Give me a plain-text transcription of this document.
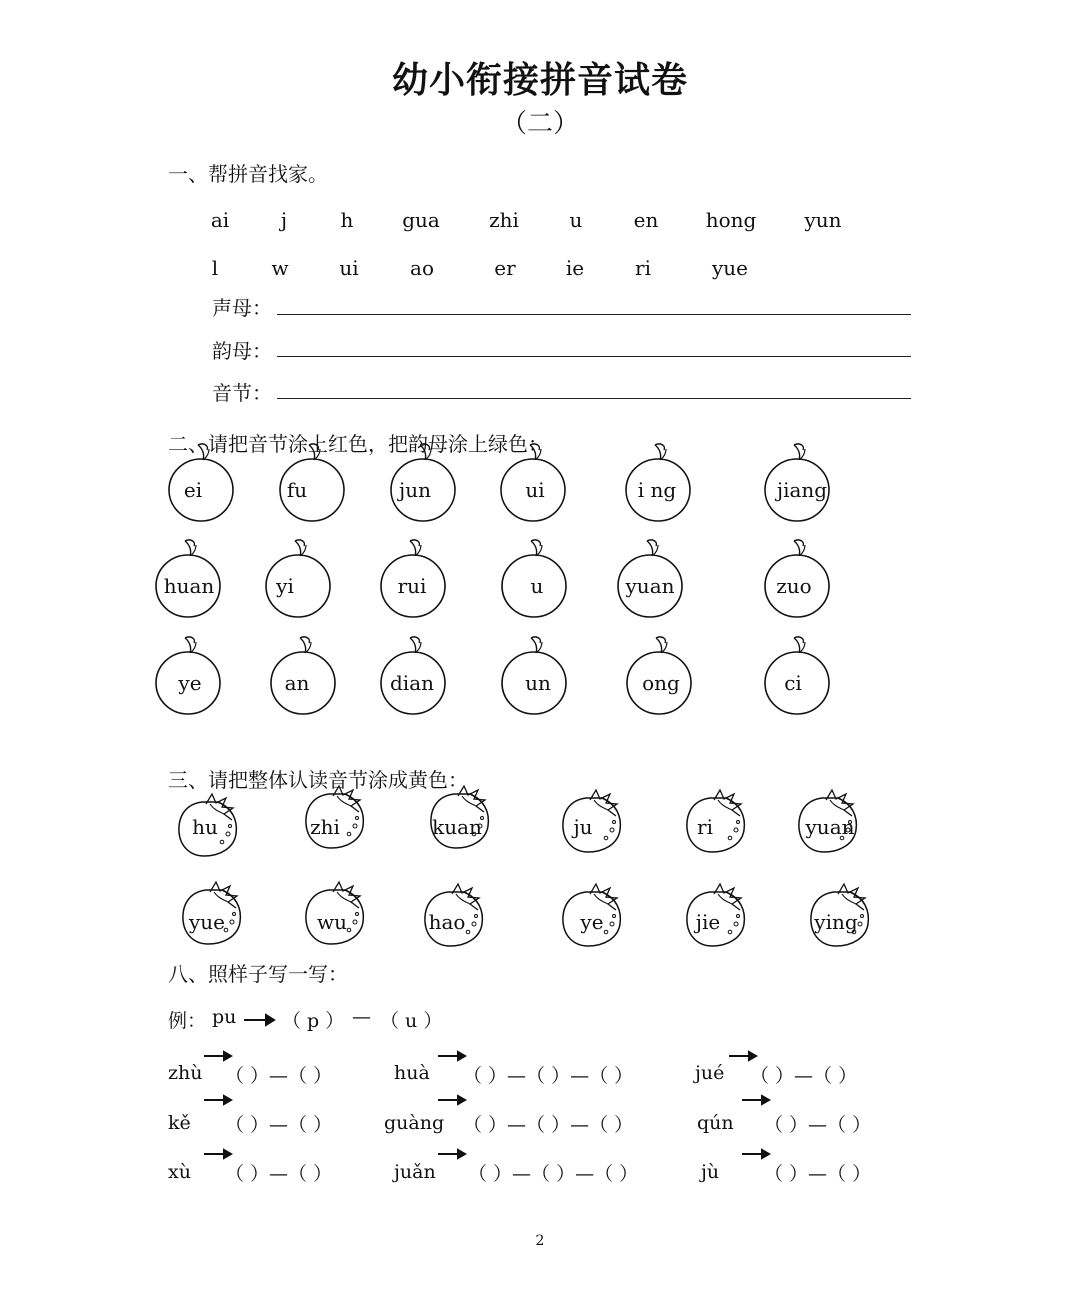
幼小衔接拼音试卷
（二）
一、帮拼音找家。
ai	j	h gua zhi	u	en hong yun
l	w	ui	ao	er	ie	ri	yue
声母：
韵母：
音节：
二、请把音节涂上红色，把韵母涂上绿色：
ei	fu	jun	ui	i ng	jiang
huan	yi	rui	u	yuan	zuo
ye	an	dian	un	ong	ci
三、请把整体认读音节涂成黄色：
hu	zhi	kuan	ju	ri	yuan
yue	wu	hao	ye	jie	ying
八、照样子写一写：
例： pu （ p ） — （ u ）
zhù （ ）—（ ）	huà （ ）—（ ）—（ ）	jué （ ）—（ ）
kě （ ）—（ ）	guàng （ ）—（ ）—（ ）	qún （ ）—（ ）
xù （ ）—（ ）	juǎn （ ）—（ ）—（ ）	jù （ ）—（ ）
2
